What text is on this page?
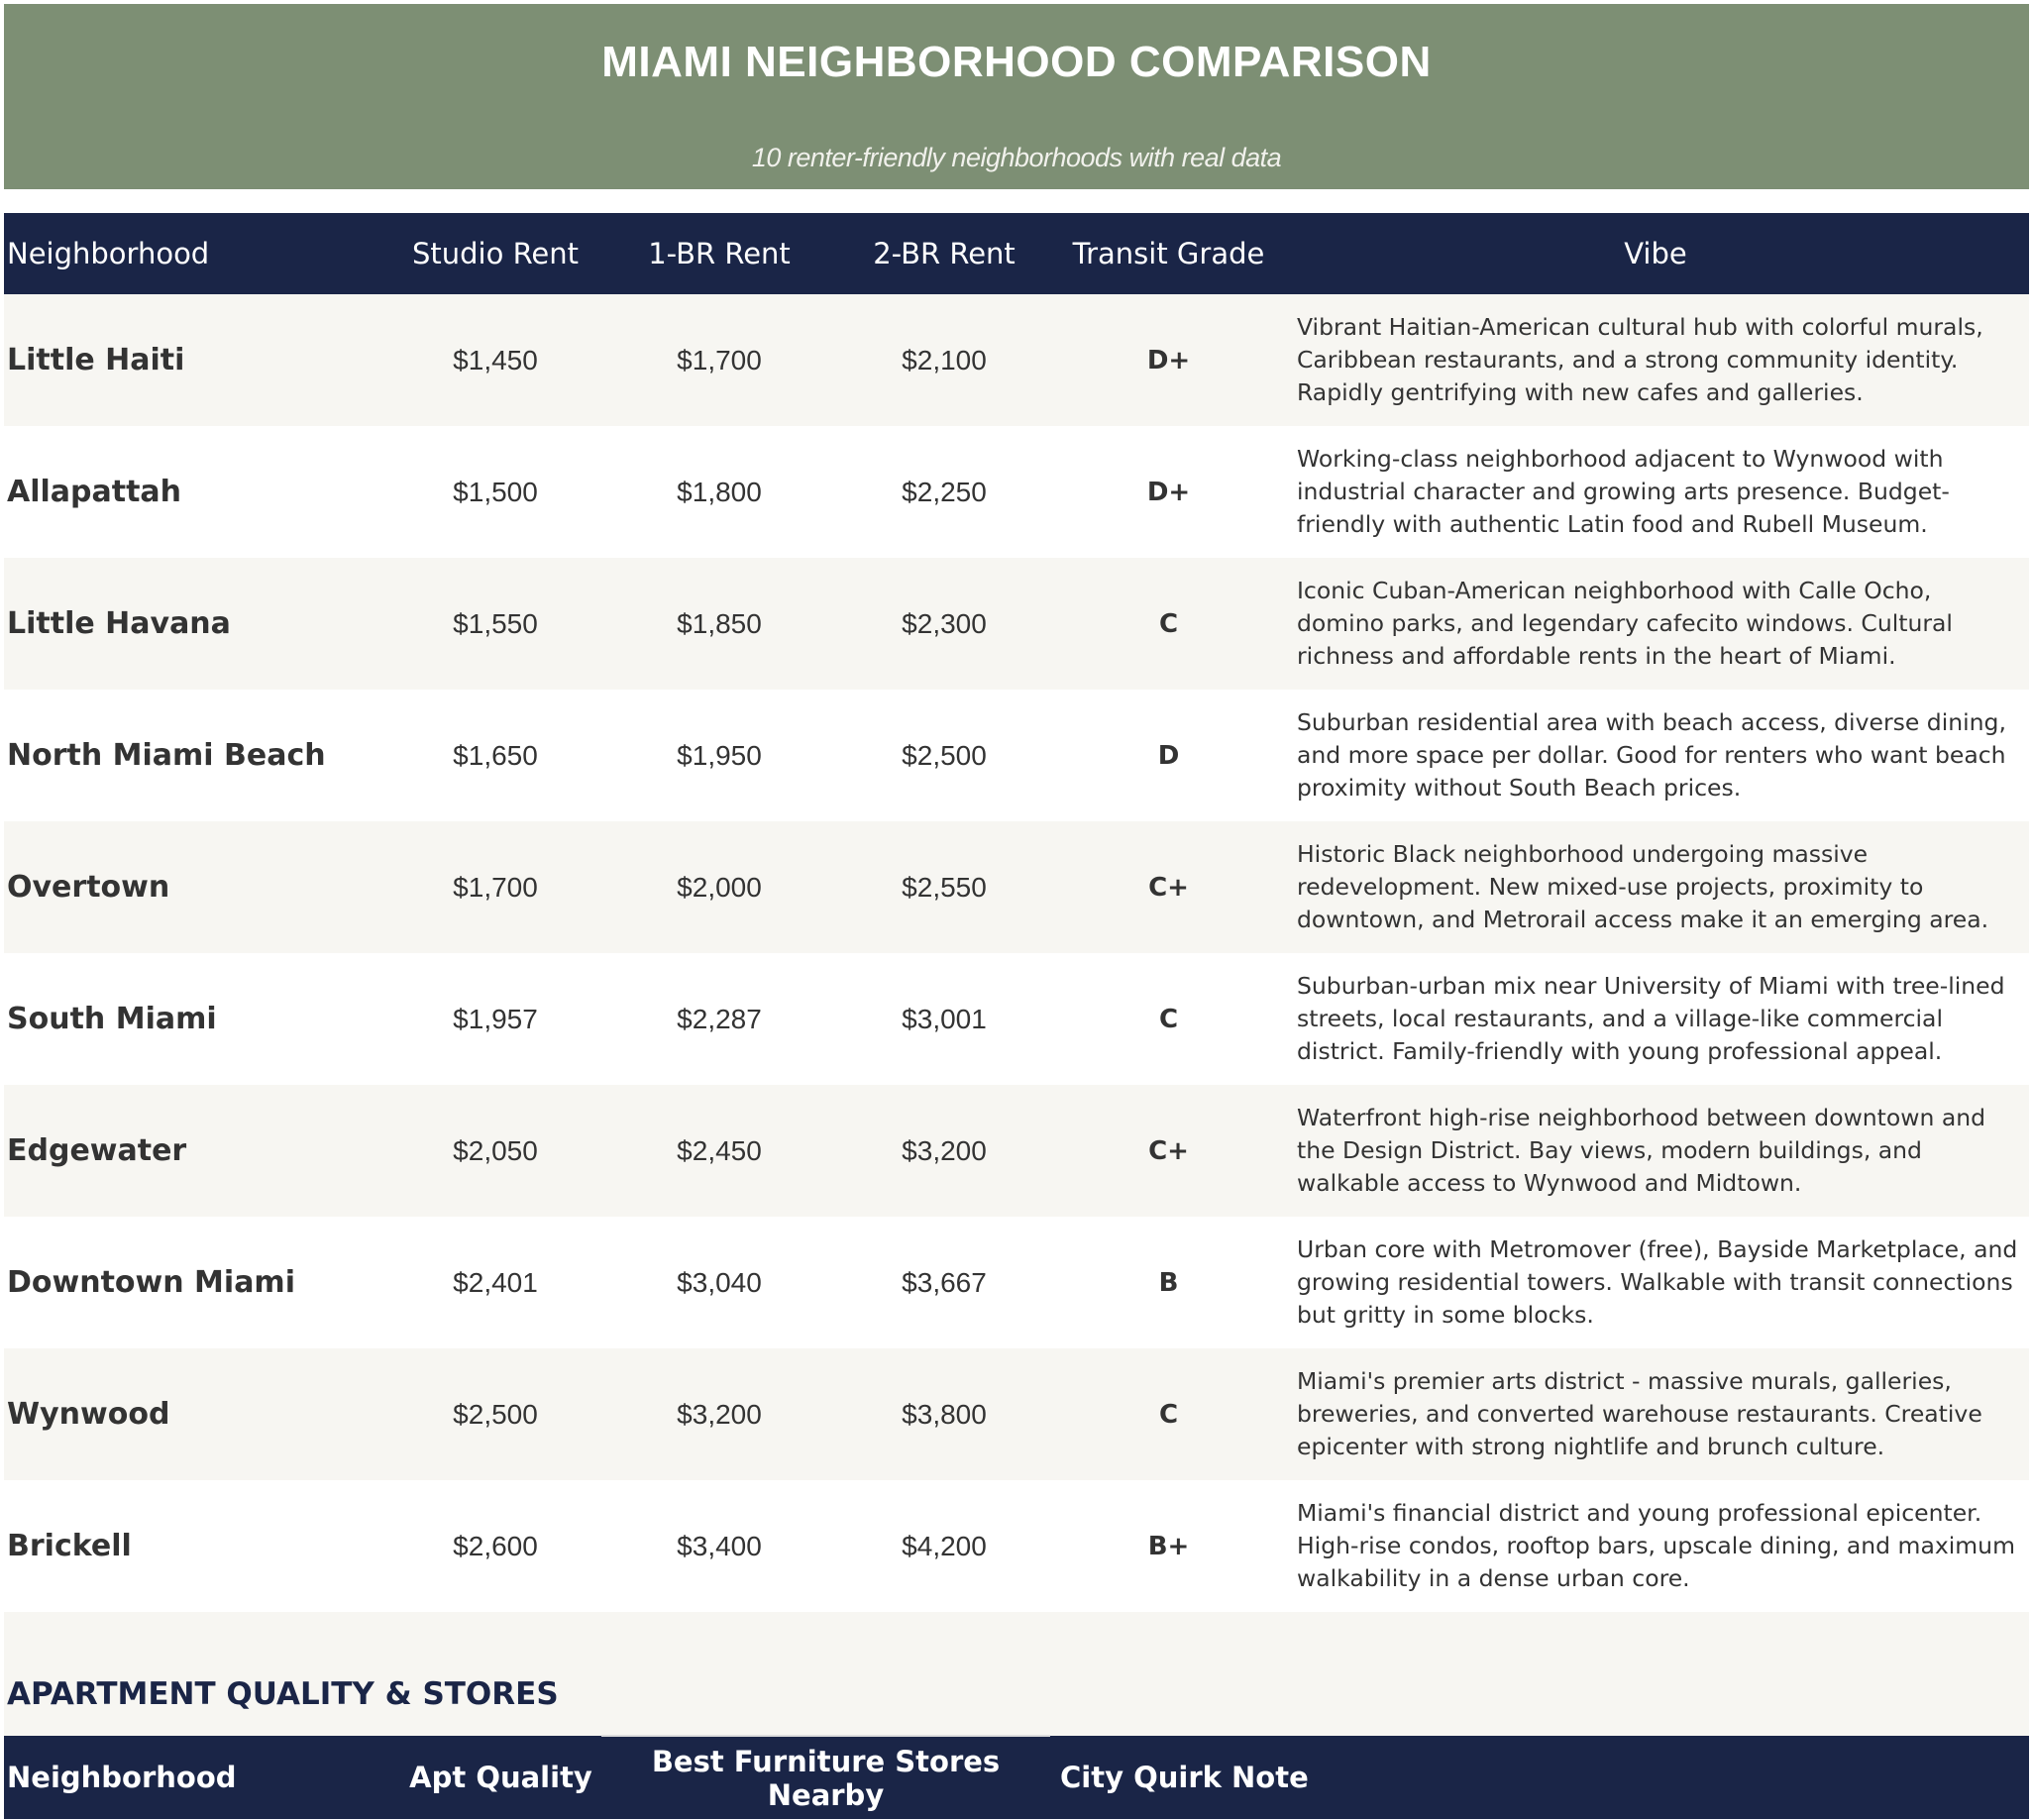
MIAMI NEIGHBORHOOD COMPARISON
10 renter-friendly neighborhoods with real data
Neighborhood	Studio Rent	1-BR Rent	2-BR Rent	Transit Grade	Vibe
Little Haiti	$1,450	$1,700	$2,100	D+	Vibrant Haitian-American cultural hub with colorful murals, Caribbean restaurants, and a strong community identity. Rapidly gentrifying with new cafes and galleries.
Allapattah	$1,500	$1,800	$2,250	D+	Working-class neighborhood adjacent to Wynwood with industrial character and growing arts presence. Budget-friendly with authentic Latin food and Rubell Museum.
Little Havana	$1,550	$1,850	$2,300	C	Iconic Cuban-American neighborhood with Calle Ocho, domino parks, and legendary cafecito windows. Cultural richness and affordable rents in the heart of Miami.
North Miami Beach	$1,650	$1,950	$2,500	D	Suburban residential area with beach access, diverse dining, and more space per dollar. Good for renters who want beach proximity without South Beach prices.
Overtown	$1,700	$2,000	$2,550	C+	Historic Black neighborhood undergoing massive redevelopment. New mixed-use projects, proximity to downtown, and Metrorail access make it an emerging area.
South Miami	$1,957	$2,287	$3,001	C	Suburban-urban mix near University of Miami with tree-lined streets, local restaurants, and a village-like commercial district. Family-friendly with young professional appeal.
Edgewater	$2,050	$2,450	$3,200	C+	Waterfront high-rise neighborhood between downtown and the Design District. Bay views, modern buildings, and walkable access to Wynwood and Midtown.
Downtown Miami	$2,401	$3,040	$3,667	B	Urban core with Metromover (free), Bayside Marketplace, and growing residential towers. Walkable with transit connections but gritty in some blocks.
Wynwood	$2,500	$3,200	$3,800	C	Miami's premier arts district - massive murals, galleries, breweries, and converted warehouse restaurants. Creative epicenter with strong nightlife and brunch culture.
Brickell	$2,600	$3,400	$4,200	B+	Miami's financial district and young professional epicenter. High-rise condos, rooftop bars, upscale dining, and maximum walkability in a dense urban core.
APARTMENT QUALITY & STORES
Neighborhood	Apt Quality	Best Furniture Stores Nearby	City Quirk Note
